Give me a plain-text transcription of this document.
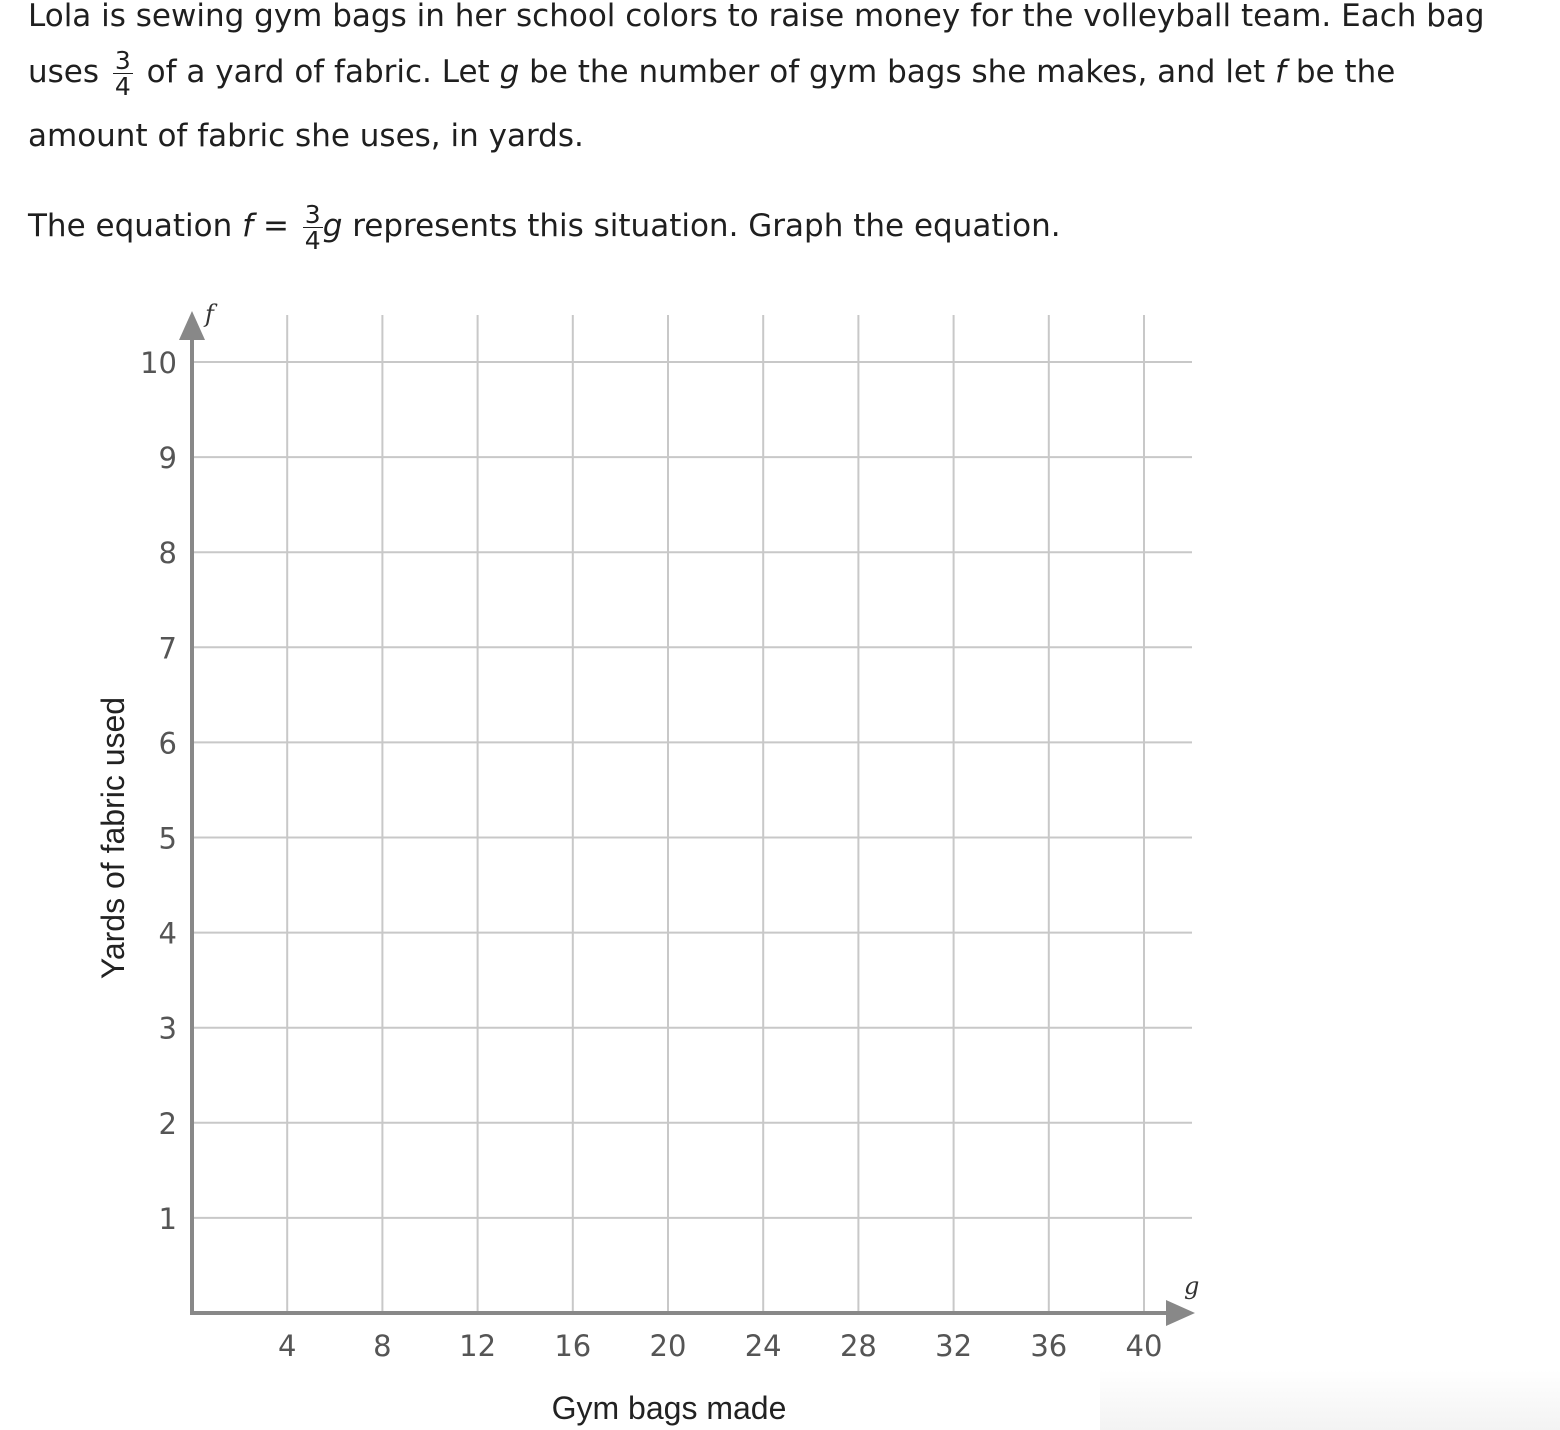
Lola is sewing gym bags in her school colors to raise money for the volleyball team. Each bag
uses $\frac{3}{4}$ of a yard of fabric. Let g be the number of gym bags she makes, and let f be the
amount of fabric she uses, in yards.
The equation $f = \frac{3}{4}$ g represents this situation. Graph the equation.
4	8 12 16 20 24 28 32 36 40
1
2
3
4
5
6
7
8
9
10
f
g
Gym bags made
Yards of fabric used
